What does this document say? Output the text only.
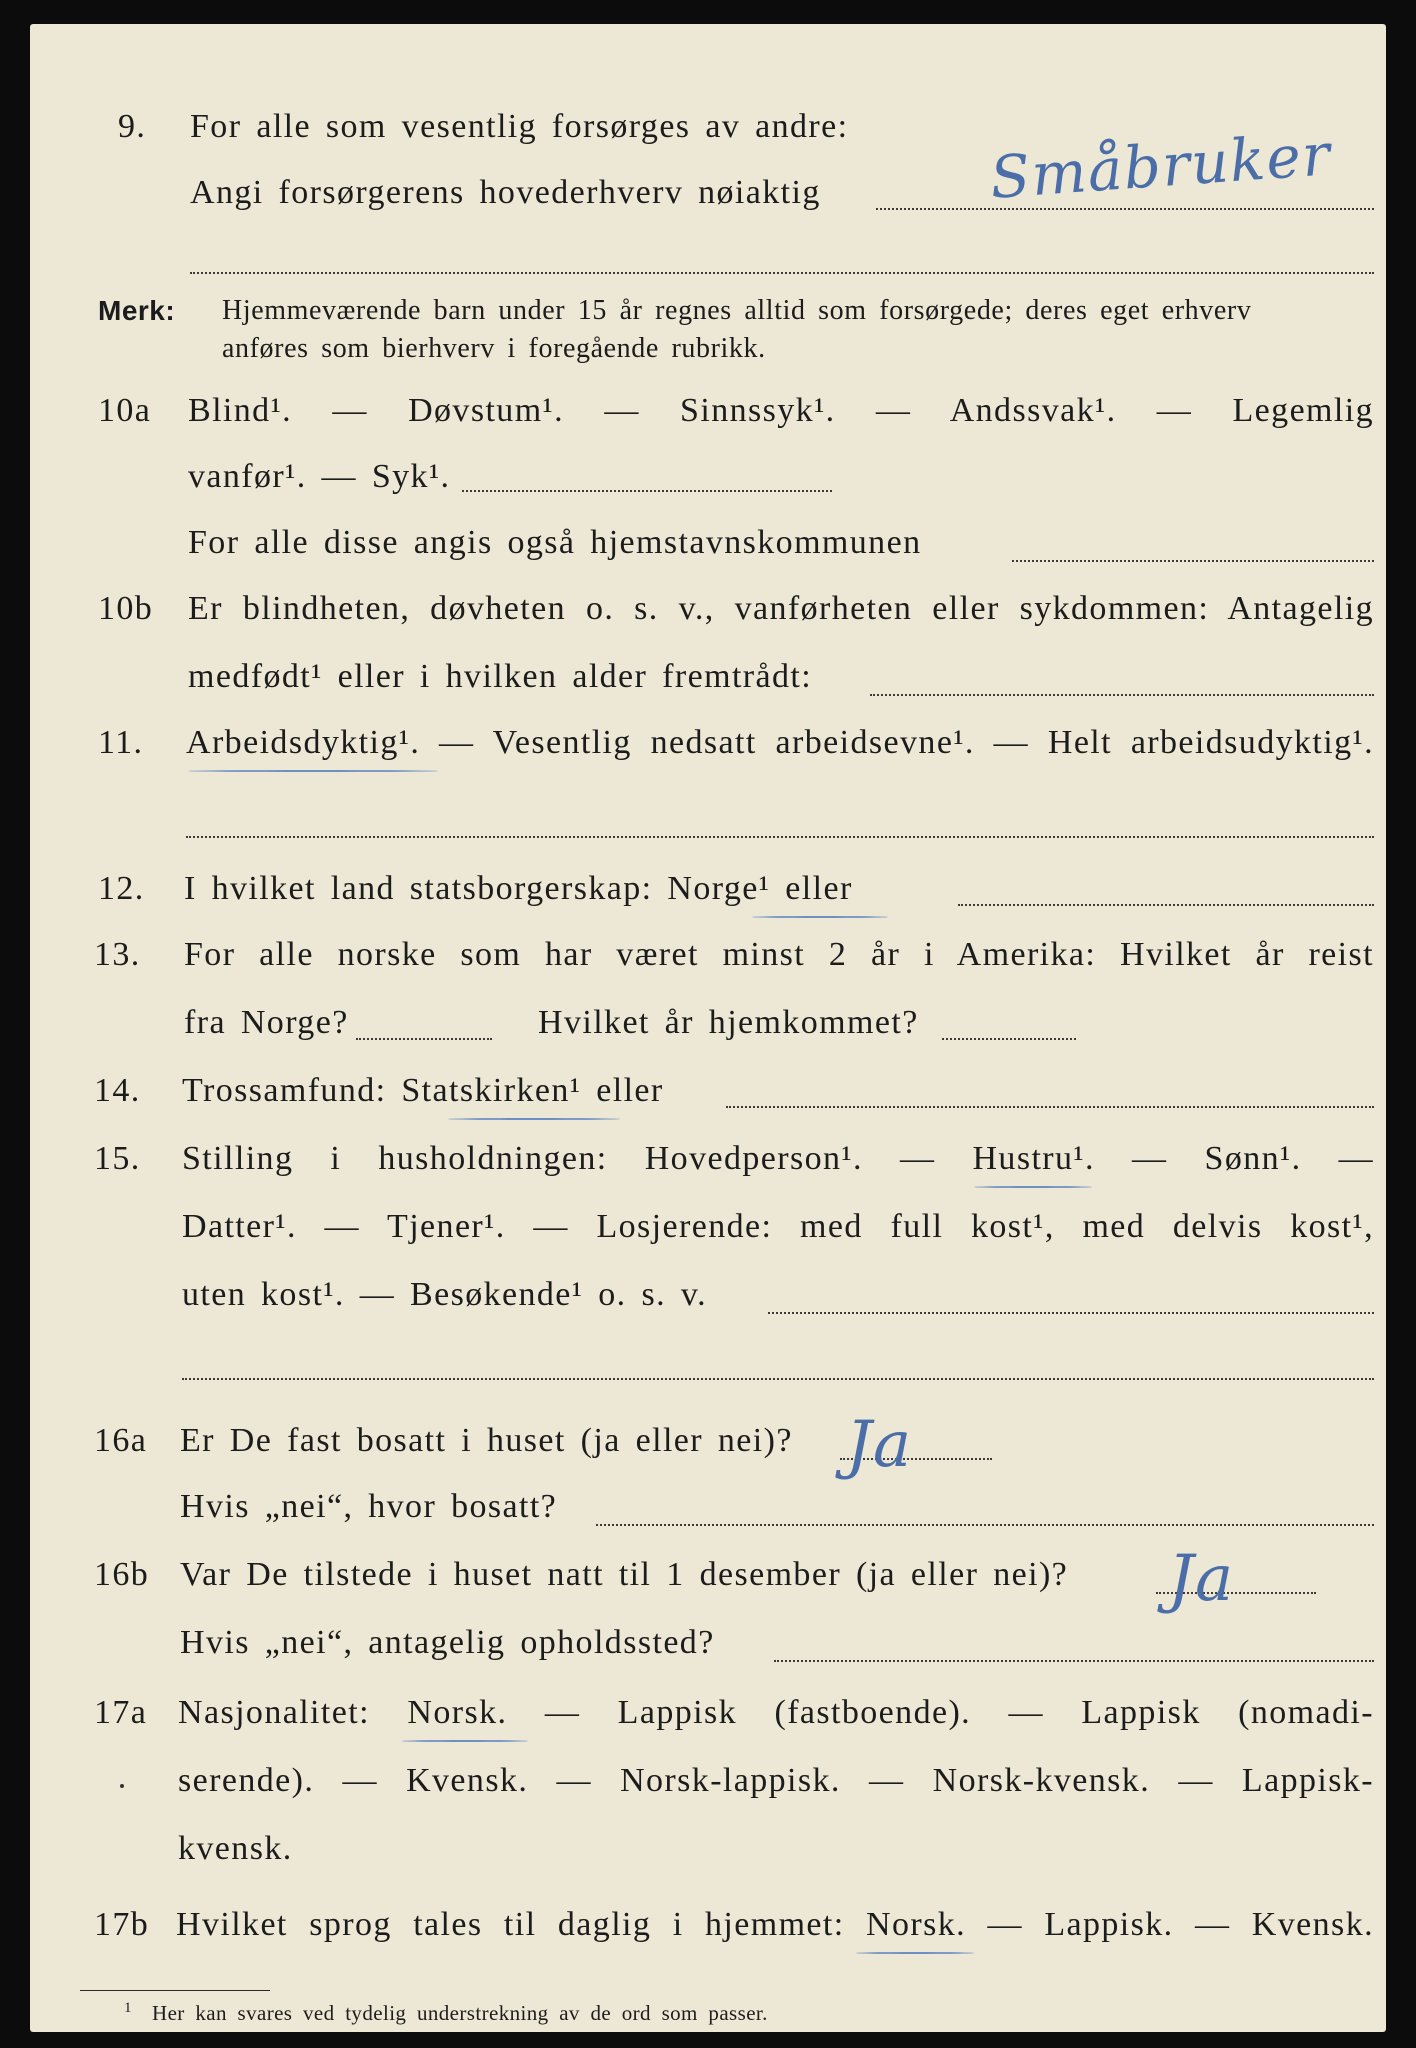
9. For alle som vesentlig forsørges av andre:
Angi forsørgerens hovederhverv nøiaktig	Småbruker
Merk: Hjemmeværende barn under 15 år regnes alltid som forsørgede; deres eget erhverv
anføres som bierhverv i foregående rubrikk.
10a Blind¹. — Døvstum¹. — Sinnssyk¹. — Andssvak¹. — Legemlig
vanfør¹. — Syk¹.
For alle disse angis også hjemstavnskommunen
10b Er blindheten, døvheten o. s. v., vanførheten eller sykdommen: Antagelig
medfødt¹ eller i hvilken alder fremtrådt:
11. Arbeidsdyktig¹. — Vesentlig nedsatt arbeidsevne¹. — Helt arbeidsudyktig¹.
12. I hvilket land statsborgerskap: Norge¹ eller
13. For alle norske som har været minst 2 år i Amerika: Hvilket år reist
fra Norge?	Hvilket år hjemkommet?
14. Trossamfund: Statskirken¹ eller
15. Stilling i husholdningen: Hovedperson¹. — Hustru¹. — Sønn¹. —
Datter¹. — Tjener¹. — Losjerende: med full kost¹, med delvis kost¹,
uten kost¹. — Besøkende¹ o. s. v.
16a Er De fast bosatt i huset (ja eller nei)? Ja
Hvis „nei“, hvor bosatt?
16b Var De tilstede i huset natt til 1 desember (ja eller nei)? Ja
Hvis „nei“, antagelig opholdssted?
17a Nasjonalitet: Norsk. — Lappisk (fastboende). — Lappisk (nomadi-
serende). — Kvensk. — Norsk-lappisk. — Norsk-kvensk. — Lappisk-
kvensk.
17b Hvilket sprog tales til daglig i hjemmet: Norsk. — Lappisk. — Kvensk.
1 Her kan svares ved tydelig understrekning av de ord som passer.
